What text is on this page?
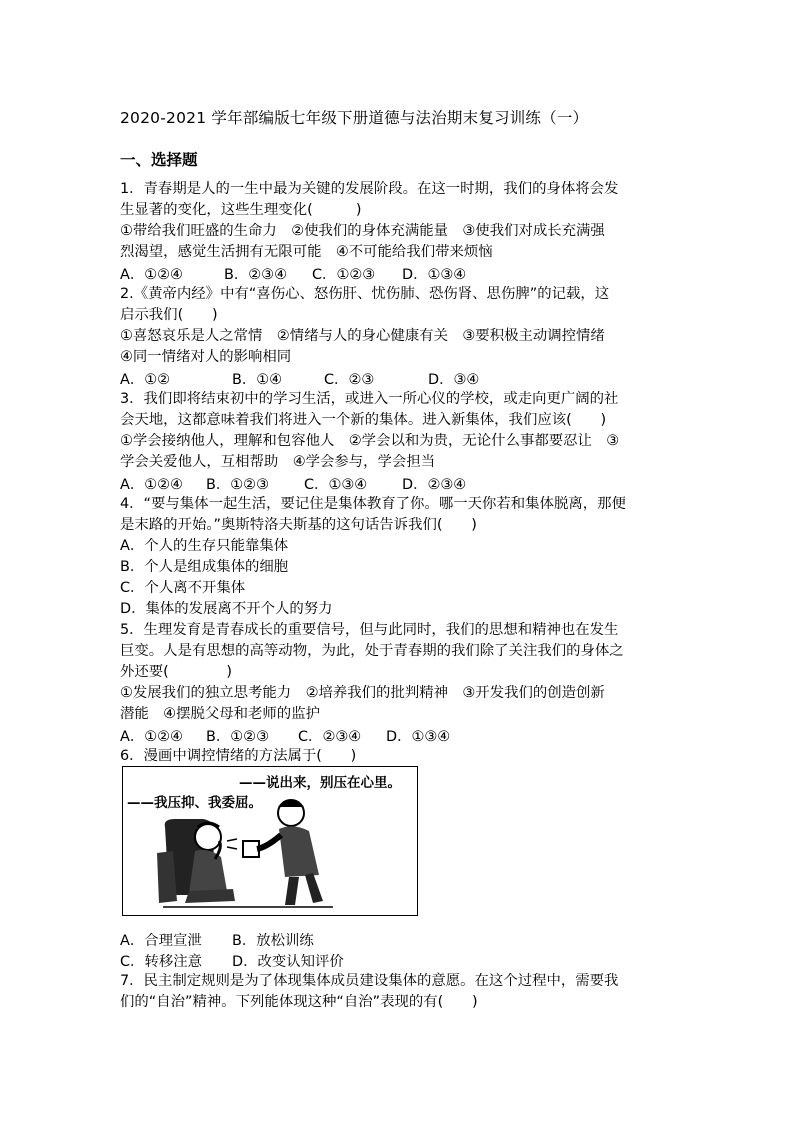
2020-2021 学年部编版七年级下册道德与法治期末复习训练（一）
一、选择题
1．青春期是人的一生中最为关键的发展阶段。在这一时期，我们的身体将会发
生显著的变化，这些生理变化(　　　)
①带给我们旺盛的生命力　②使我们的身体充满能量　③使我们对成长充满强
烈渴望，感觉生活拥有无限可能　④不可能给我们带来烦恼
A．①②④	B．②③④ C．①②③ D．①③④
2.《黄帝内经》中有“喜伤心、怒伤肝、忧伤肺、恐伤肾、思伤脾”的记载，这
启示我们(　　)
①喜怒哀乐是人之常情　②情绪与人的身心健康有关　③要积极主动调控情绪
④同一情绪对人的影响相同
A．①②	B．①④	C．②③	D．③④
3．我们即将结束初中的学习生活，或进入一所心仪的学校，或走向更广阔的社
会天地，这都意味着我们将进入一个新的集体。进入新集体，我们应该(　　)
①学会接纳他人，理解和包容他人　②学会以和为贵，无论什么事都要忍让　③
学会关爱他人，互相帮助　④学会参与，学会担当
A．①②④ B．①②③ C．①③④ D．②③④
4．“要与集体一起生活，要记住是集体教育了你。哪一天你若和集体脱离，那便
是末路的开始。”奥斯特洛夫斯基的这句话告诉我们(　　)
A．个人的生存只能靠集体
B．个人是组成集体的细胞
C．个人离不开集体
D．集体的发展离不开个人的努力
5．生理发育是青春成长的重要信号，但与此同时，我们的思想和精神也在发生
巨变。人是有思想的高等动物，为此，处于青春期的我们除了关注我们的身体之
外还要(　　　　)
①发展我们的独立思考能力　②培养我们的批判精神　③开发我们的创造创新
潜能　④摆脱父母和老师的监护
A．①②④ B．①②③ C．②③④ D．①③④
6．漫画中调控情绪的方法属于(　　)
——说出来，别压在心里。
——我压抑、我委屈。
A．合理宣泄 B．放松训练
C．转移注意 D．改变认知评价
7．民主制定规则是为了体现集体成员建设集体的意愿。在这个过程中，需要我
们的“自治”精神。下列能体现这种“自治”表现的有(　　)
